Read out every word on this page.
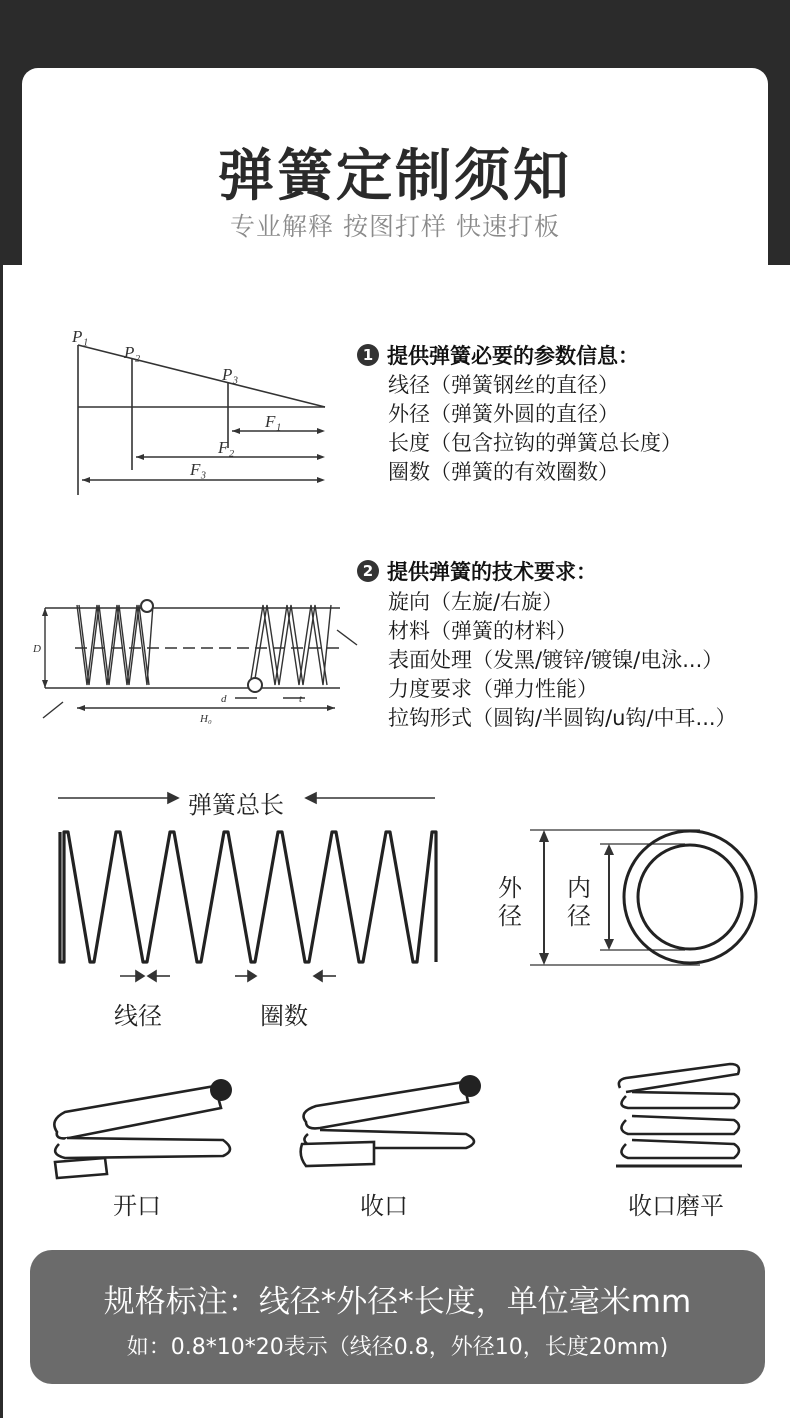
弹簧定制须知
专业解释 按图打样 快速打板
P₁
P₂
P₃
F₁
F₂
F₃
1 提供弹簧必要的参数信息：
线径（弹簧钢丝的直径）
外径（弹簧外圆的直径）
长度（包含拉钩的弹簧总长度）
圈数（弹簧的有效圈数）
D
d	t
H₀
2 提供弹簧的技术要求：
旋向（左旋/右旋）
材料（弹簧的材料）
表面处理（发黑/镀锌/镀镍/电泳...）
力度要求（弹力性能）
拉钩形式（圆钩/半圆钩/u钩/中耳...）
弹簧总长
线径	圈数
外径
内径
开口	收口	收口磨平
规格标注：线径*外径*长度，单位毫米mm
如：0.8*10*20表示（线径0.8，外径10，长度20mm)
